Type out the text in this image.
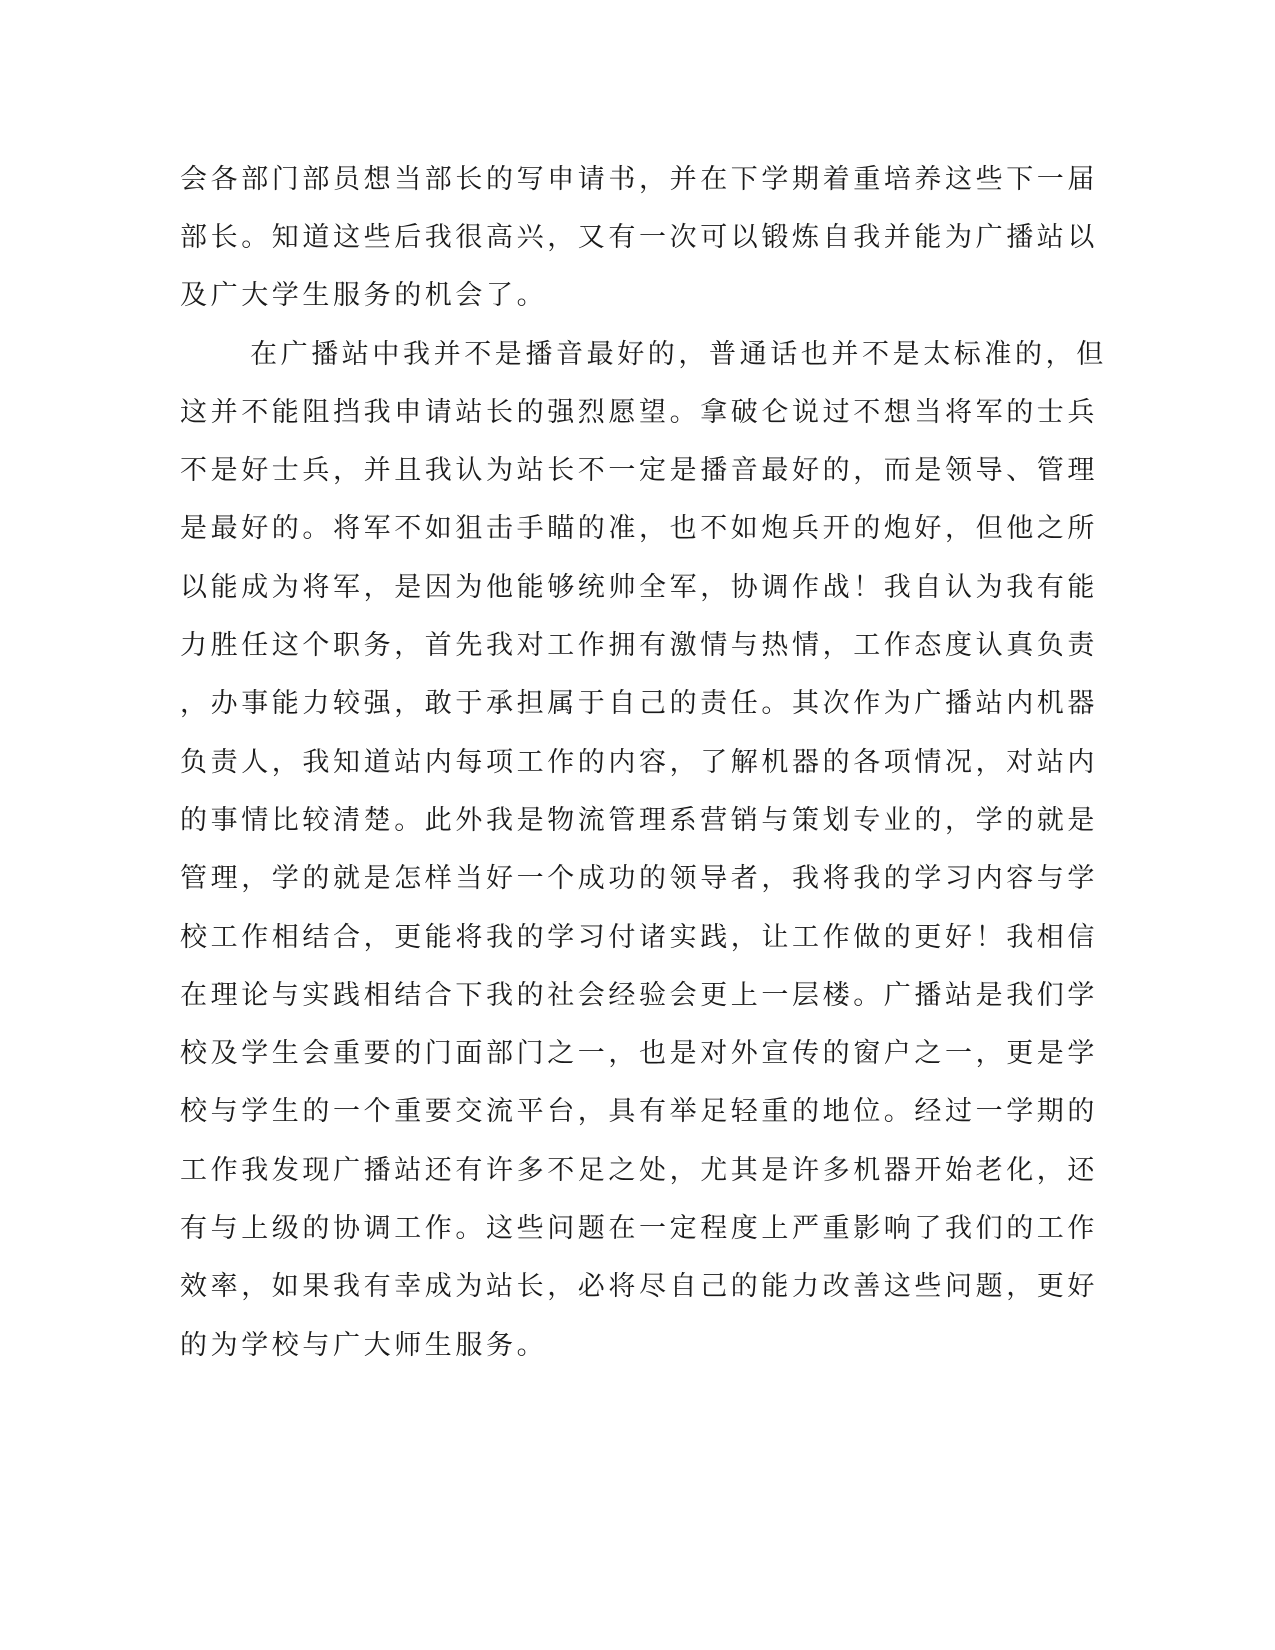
会各部门部员想当部长的写申请书，并在下学期着重培养这些下一届
部长。知道这些后我很高兴，又有一次可以锻炼自我并能为广播站以
及广大学生服务的机会了。
在广播站中我并不是播音最好的，普通话也并不是太标准的，但
这并不能阻挡我申请站长的强烈愿望。拿破仑说过不想当将军的士兵
不是好士兵，并且我认为站长不一定是播音最好的，而是领导、管理
是最好的。将军不如狙击手瞄的准，也不如炮兵开的炮好，但他之所
以能成为将军，是因为他能够统帅全军，协调作战！我自认为我有能
力胜任这个职务，首先我对工作拥有激情与热情，工作态度认真负责
，办事能力较强，敢于承担属于自己的责任。其次作为广播站内机器
负责人，我知道站内每项工作的内容，了解机器的各项情况，对站内
的事情比较清楚。此外我是物流管理系营销与策划专业的，学的就是
管理，学的就是怎样当好一个成功的领导者，我将我的学习内容与学
校工作相结合，更能将我的学习付诸实践，让工作做的更好！我相信
在理论与实践相结合下我的社会经验会更上一层楼。广播站是我们学
校及学生会重要的门面部门之一，也是对外宣传的窗户之一，更是学
校与学生的一个重要交流平台，具有举足轻重的地位。经过一学期的
工作我发现广播站还有许多不足之处，尤其是许多机器开始老化，还
有与上级的协调工作。这些问题在一定程度上严重影响了我们的工作
效率，如果我有幸成为站长，必将尽自己的能力改善这些问题，更好
的为学校与广大师生服务。
